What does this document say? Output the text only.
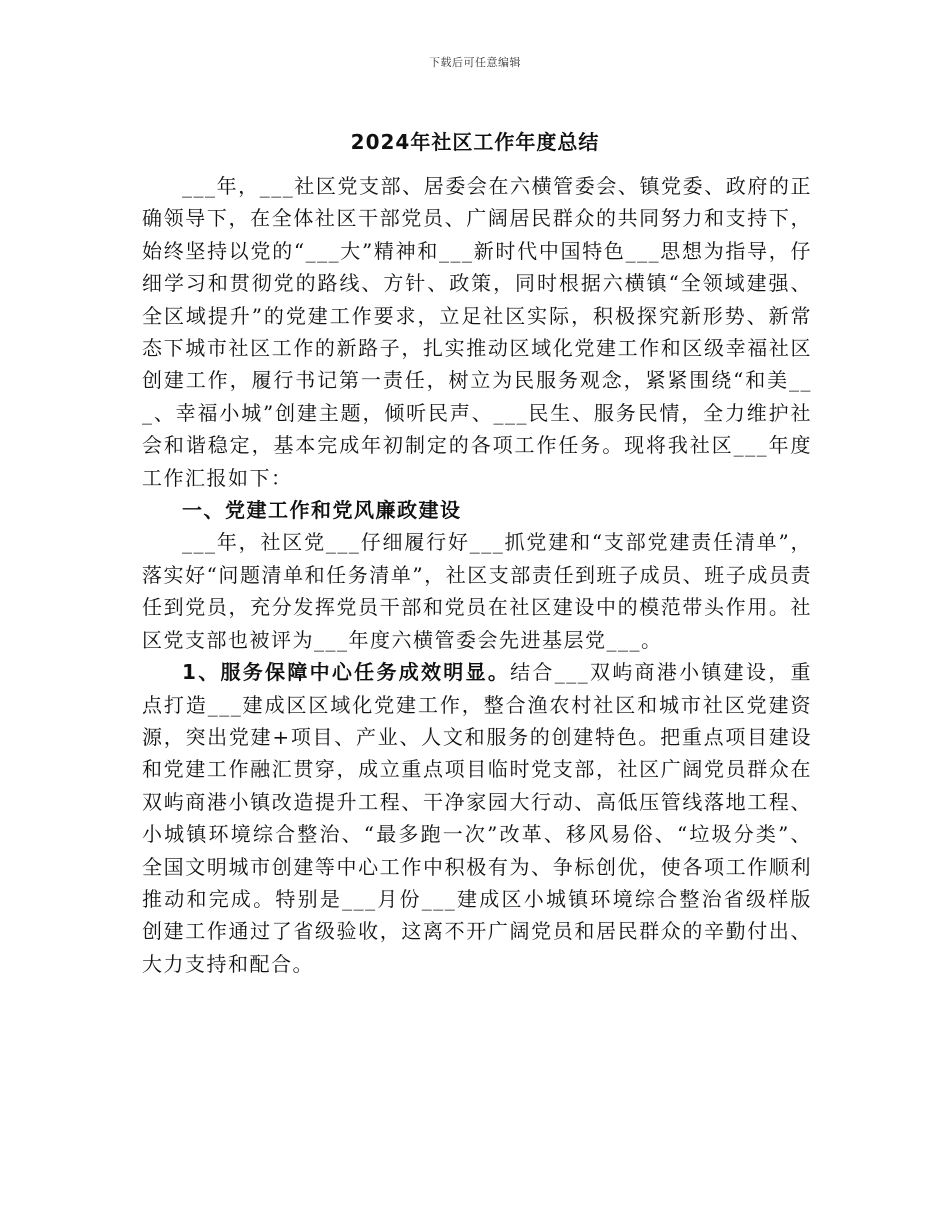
下载后可任意编辑
2024年社区工作年度总结

___年，___社区党支部、居委会在六横管委会、镇党委、政府的正确领导下，在全体社区干部党员、广阔居民群众的共同努力和支持下，始终坚持以党的“___大”精神和___新时代中国特色___思想为指导，仔细学习和贯彻党的路线、方针、政策，同时根据六横镇“全领域建强、全区域提升”的党建工作要求，立足社区实际，积极探究新形势、新常态下城市社区工作的新路子，扎实推动区域化党建工作和区级幸福社区创建工作，履行书记第一责任，树立为民服务观念，紧紧围绕“和美___、幸福小城”创建主题，倾听民声、___民生、服务民情，全力维护社会和谐稳定，基本完成年初制定的各项工作任务。现将我社区___年度工作汇报如下：

一、党建工作和党风廉政建设

___年，社区党___仔细履行好___抓党建和“支部党建责任清单”，落实好“问题清单和任务清单”，社区支部责任到班子成员、班子成员责任到党员，充分发挥党员干部和党员在社区建设中的模范带头作用。社区党支部也被评为___年度六横管委会先进基层党___。

1、服务保障中心任务成效明显。结合___双屿商港小镇建设，重点打造___建成区区域化党建工作，整合渔农村社区和城市社区党建资源，突出党建+项目、产业、人文和服务的创建特色。把重点项目建设和党建工作融汇贯穿，成立重点项目临时党支部，社区广阔党员群众在双屿商港小镇改造提升工程、干净家园大行动、高低压管线落地工程、小城镇环境综合整治、“最多跑一次”改革、移风易俗、“垃圾分类”、全国文明城市创建等中心工作中积极有为、争标创优，使各项工作顺利推动和完成。特别是___月份___建成区小城镇环境综合整治省级样版创建工作通过了省级验收，这离不开广阔党员和居民群众的辛勤付出、大力支持和配合。
